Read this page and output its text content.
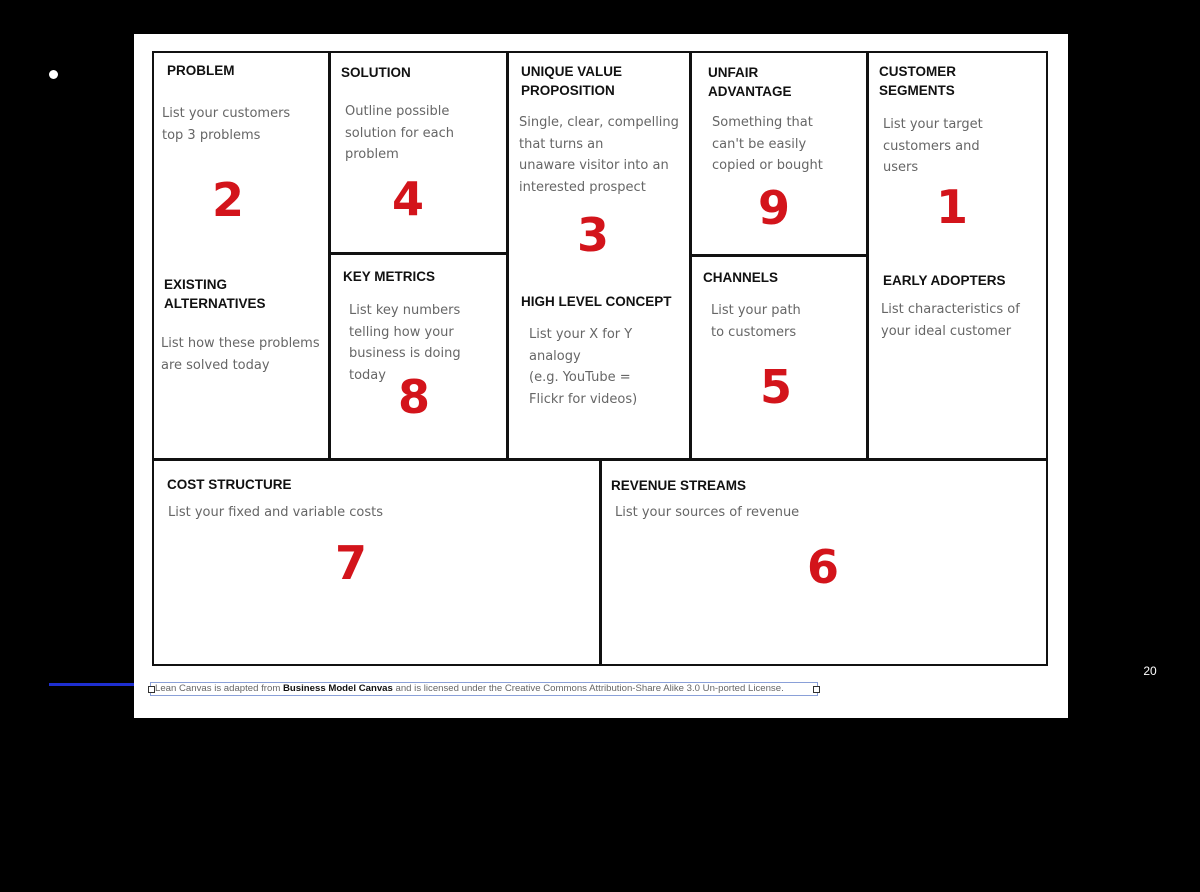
20
PROBLEM
List your customers
top 3 problems
2
EXISTING
ALTERNATIVES
List how these problems
are solved today
SOLUTION
Outline possible
solution for each
problem
4
KEY METRICS
List key numbers
telling how your
business is doing
today 8
UNIQUE VALUE
PROPOSITION
Single, clear, compelling
that turns an
unaware visitor into an
interested prospect
3
HIGH LEVEL CONCEPT
List your X for Y
analogy
(e.g. YouTube =
Flickr for videos)
UNFAIR
ADVANTAGE
Something that
can't be easily
copied or bought
9
CHANNELS
List your path
to customers
5
CUSTOMER
SEGMENTS
List your target
customers and
users
1
EARLY ADOPTERS
List characteristics of
your ideal customer
COST STRUCTURE
List your fixed and variable costs
7
REVENUE STREAMS
List your sources of revenue
6
Lean Canvas is adapted from Business Model Canvas and is licensed under the Creative Commons Attribution-Share Alike 3.0 Un-ported License.
